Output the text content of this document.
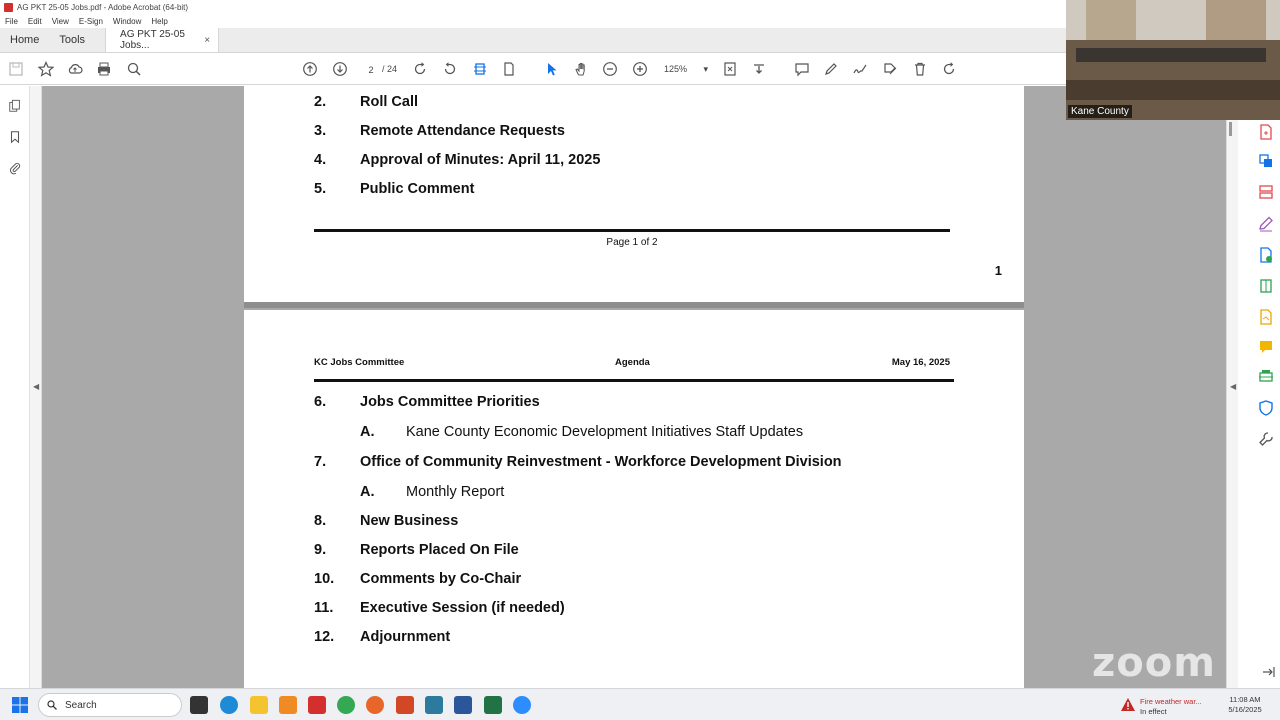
AG PKT 25-05 Jobs.pdf - Adobe Acrobat (64-bit)
File Edit View E-Sign Window Help
Home	Tools	AG PKT 25-05 Jobs...	×
2 / 24	125% ▾
◀
2. Roll Call
3. Remote Attendance Requests
4. Approval of Minutes: April 11, 2025
5. Public Comment
Page 1 of 2
1
KC Jobs Committee	Agenda	May 16, 2025
6. Jobs Committee Priorities
A. Kane County Economic Development Initiatives Staff Updates
7. Office of Community Reinvestment - Workforce Development Division
A. Monthly Report
8. New Business
9. Reports Placed On File
10. Comments by Co-Chair
11. Executive Session (if needed)
12. Adjournment
◀
Kane County
zoom
Search	Fire weather war...
In effect
11:08 AM
5/16/2025
